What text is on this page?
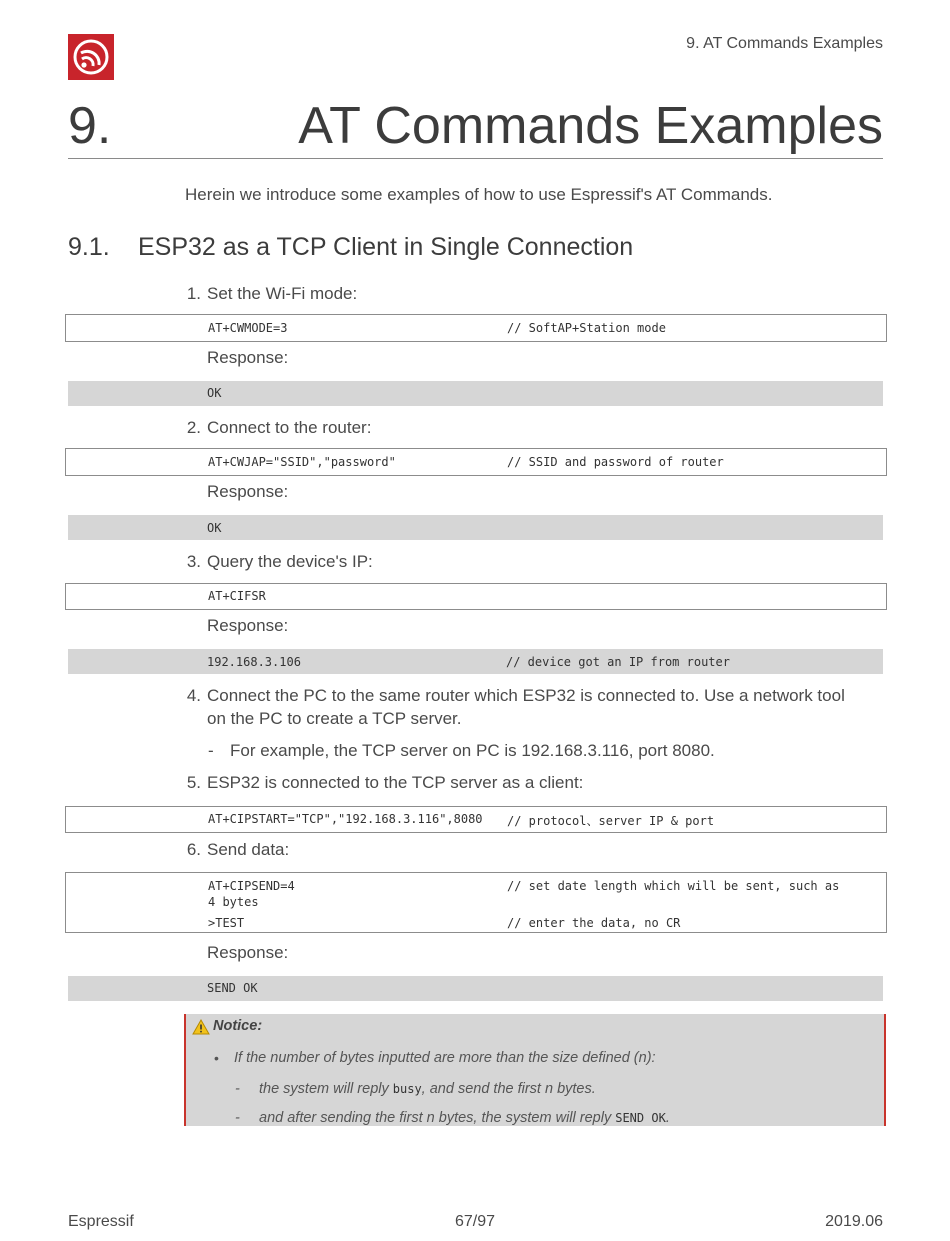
9. AT Commands Examples
9.	AT Commands Examples
Herein we introduce some examples of how to use Espressif's AT Commands.
9.1. ESP32 as a TCP Client in Single Connection
1. Set the Wi-Fi mode:
AT+CWMODE=3	// SoftAP+Station mode
Response:
OK
2. Connect to the router:
AT+CWJAP="SSID","password"	// SSID and password of router
Response:
OK
3. Query the device's IP:
AT+CIFSR
Response:
192.168.3.106	// device got an IP from router
4. Connect the PC to the same router which ESP32 is connected to. Use a network tool
on the PC to create a TCP server.
- For example, the TCP server on PC is 192.168.3.116, port 8080.
5. ESP32 is connected to the TCP server as a client:
AT+CIPSTART="TCP","192.168.3.116",8080 // protocol、server IP & port
6. Send data:
AT+CIPSEND=4	// set date length which will be sent, such as
4 bytes
>TEST	// enter the data, no CR
Response:
SEND OK
Notice:
• If the number of bytes inputted are more than the size defined (n):
- the system will reply busy, and send the first n bytes.
- and after sending the first n bytes, the system will reply SEND OK.
Espressif	67/97	2019.06
